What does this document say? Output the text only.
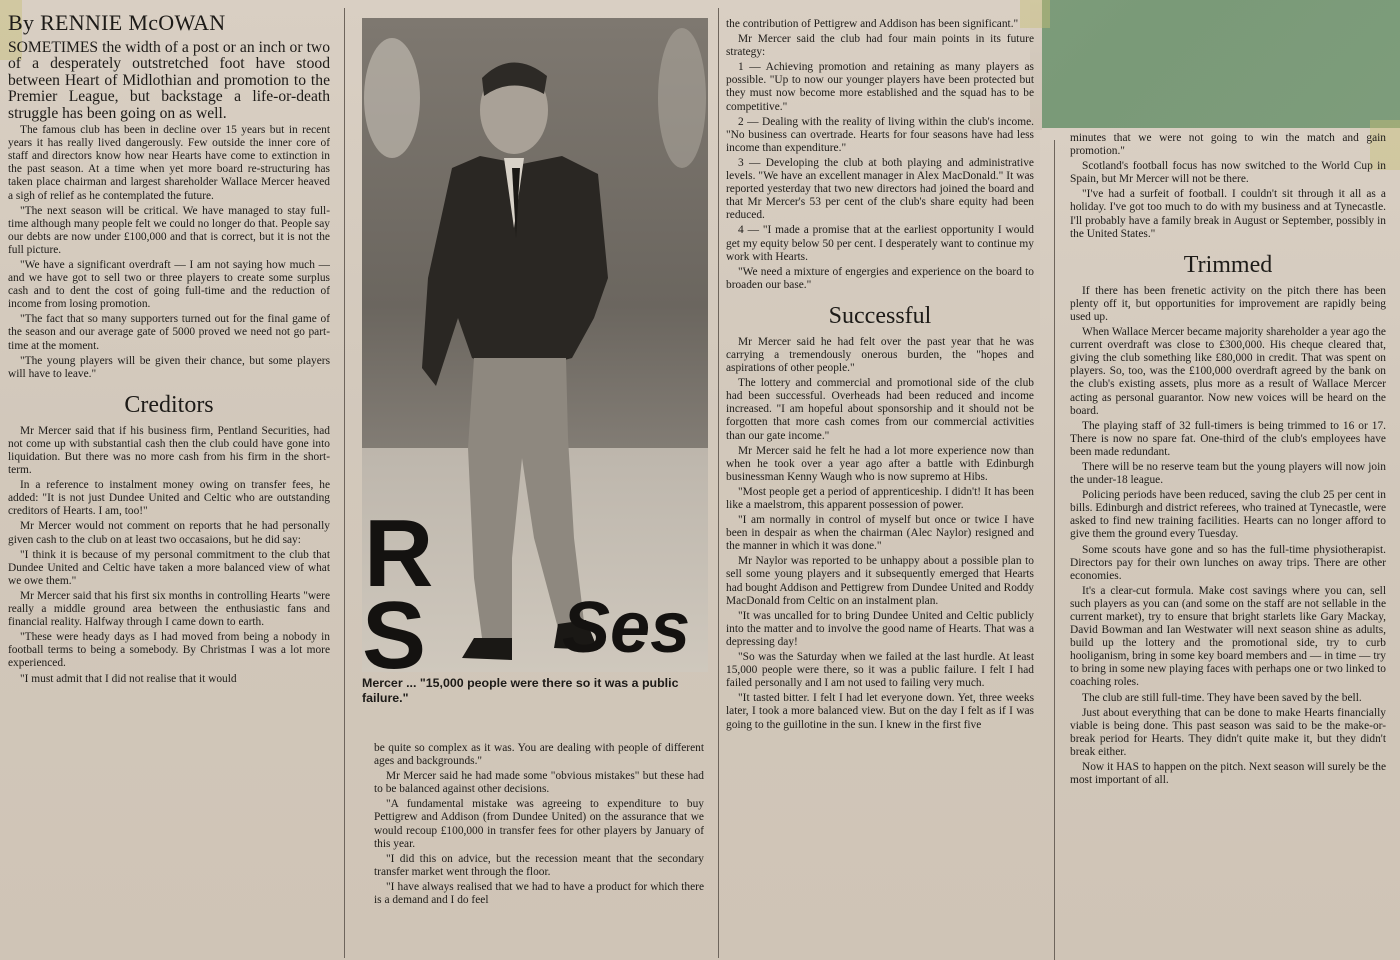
By RENNIE McOWAN

SOMETIMES the width of a post or an inch or two of a desperately outstretched foot have stood between Heart of Midlothian and promotion to the Premier League, but backstage a life-or-death struggle has been going on as well.

The famous club has been in decline over 15 years but in recent years it has really lived dangerously. Few outside the inner core of staff and directors know how near Hearts have come to extinction in the past season. At a time when yet more board re-structuring has taken place chairman and largest shareholder Wallace Mercer heaved a sigh of relief as he contemplated the future.

"The next season will be critical. We have managed to stay full-time although many people felt we could no longer do that. People say our debts are now under £100,000 and that is correct, but it is not the full picture.

"We have a significant overdraft — I am not saying how much — and we have got to sell two or three players to create some surplus cash and to dent the cost of going full-time and the reduction of income from losing promotion.

"The fact that so many supporters turned out for the final game of the season and our average gate of 5000 proved we need not go part-time at the moment.

"The young players will be given their chance, but some players will have to leave."

Creditors

Mr Mercer said that if his business firm, Pentland Securities, had not come up with substantial cash then the club could have gone into liquidation. But there was no more cash from his firm in the short-term.

In a reference to instalment money owing on transfer fees, he added: "It is not just Dundee United and Celtic who are outstanding creditors of Hearts. I am, too!"

Mr Mercer would not comment on reports that he had personally given cash to the club on at least two occasaions, but he did say:

"I think it is because of my personal commitment to the club that Dundee United and Celtic have taken a more balanced view of what we owe them."

Mr Mercer said that his first six months in controlling Hearts "were really a middle ground area between the enthusiastic fans and financial reality. Halfway through I came down to earth.

"These were heady days as I had moved from being a nobody in football terms to being a somebody. By Christmas I was a lot more experienced.

"I must admit that I did not realise that it would

R
S Ses
Mercer ... "15,000 people were there so it was a public failure."

be quite so complex as it was. You are dealing with people of different ages and backgrounds."

Mr Mercer said he had made some "obvious mistakes" but these had to be balanced against other decisions.

"A fundamental mistake was agreeing to expenditure to buy Pettigrew and Addison (from Dundee United) on the assurance that we would recoup £100,000 in transfer fees for other players by January of this year.

"I did this on advice, but the recession meant that the secondary transfer market went through the floor.

"I have always realised that we had to have a product for which there is a demand and I do feel

the contribution of Pettigrew and Addison has been significant."

Mr Mercer said the club had four main points in its future strategy:

1 — Achieving promotion and retaining as many players as possible. "Up to now our younger players have been protected but they must now become more established and the squad has to be competitive."

2 — Dealing with the reality of living within the club's income. "No business can overtrade. Hearts for four seasons have had less income than expenditure."

3 — Developing the club at both playing and administrative levels. "We have an excellent manager in Alex MacDonald." It was reported yesterday that two new directors had joined the board and that Mr Mercer's 53 per cent of the club's share equity had been reduced.

4 — "I made a promise that at the earliest opportunity I would get my equity below 50 per cent. I desperately want to continue my work with Hearts.

"We need a mixture of engergies and experience on the board to broaden our base."

Successful

Mr Mercer said he had felt over the past year that he was carrying a tremendously onerous burden, the "hopes and aspirations of other people."

The lottery and commercial and promotional side of the club had been successful. Overheads had been reduced and income increased. "I am hopeful about sponsorship and it should not be forgotten that more cash comes from our commercial activities than our gate income."

Mr Mercer said he felt he had a lot more experience now than when he took over a year ago after a battle with Edinburgh businessman Kenny Waugh who is now supremo at Hibs.

"Most people get a period of apprenticeship. I didn't! It has been like a maelstrom, this apparent possession of power.

"I am normally in control of myself but once or twice I have been in despair as when the chairman (Alec Naylor) resigned and the manner in which it was done."

Mr Naylor was reported to be unhappy about a possible plan to sell some young players and it subsequently emerged that Hearts had bought Addison and Pettigrew from Dundee United and Roddy MacDonald from Celtic on an instalment plan.

"It was uncalled for to bring Dundee United and Celtic publicly into the matter and to involve the good name of Hearts. That was a depressing day!

"So was the Saturday when we failed at the last hurdle. At least 15,000 people were there, so it was a public failure. I felt I had failed personally and I am not used to failing very much.

"It tasted bitter. I felt I had let everyone down. Yet, three weeks later, I took a more balanced view. But on the day I felt as if I was going to the guillotine in the sun. I knew in the first five

minutes that we were not going to win the match and gain promotion."

Scotland's football focus has now switched to the World Cup in Spain, but Mr Mercer will not be there.

"I've had a surfeit of football. I couldn't sit through it all as a holiday. I've got too much to do with my business and at Tynecastle. I'll probably have a family break in August or September, possibly in the United States."

Trimmed

If there has been frenetic activity on the pitch there has been plenty off it, but opportunities for improvement are rapidly being used up.

When Wallace Mercer became majority shareholder a year ago the current overdraft was close to £300,000. His cheque cleared that, giving the club something like £80,000 in credit. That was spent on players. So, too, was the £100,000 overdraft agreed by the bank on the club's existing assets, plus more as a result of Wallace Mercer acting as personal guarantor. Now new voices will be heard on the board.

The playing staff of 32 full-timers is being trimmed to 16 or 17. There is now no spare fat. One-third of the club's employees have been made redundant.

There will be no reserve team but the young players will now join the under-18 league.

Policing periods have been reduced, saving the club 25 per cent in bills. Edinburgh and district referees, who trained at Tynecastle, were asked to find new training facilities. Hearts can no longer afford to give them the ground every Tuesday.

Some scouts have gone and so has the full-time physiotherapist. Directors pay for their own lunches on away trips. There are other economies.

It's a clear-cut formula. Make cost savings where you can, sell such players as you can (and some on the staff are not sellable in the current market), try to ensure that bright starlets like Gary Mackay, David Bowman and Ian Westwater will next season shine as adults, build up the lottery and the promotional side, try to curb hooliganism, bring in some key board members and — in time — try to bring in some new playing faces with perhaps one or two linked to coaching roles.

The club are still full-time. They have been saved by the bell.

Just about everything that can be done to make Hearts financially viable is being done. This past season was said to be the make-or-break period for Hearts. They didn't quite make it, but they didn't break either.

Now it HAS to happen on the pitch. Next season will surely be the most important of all.
